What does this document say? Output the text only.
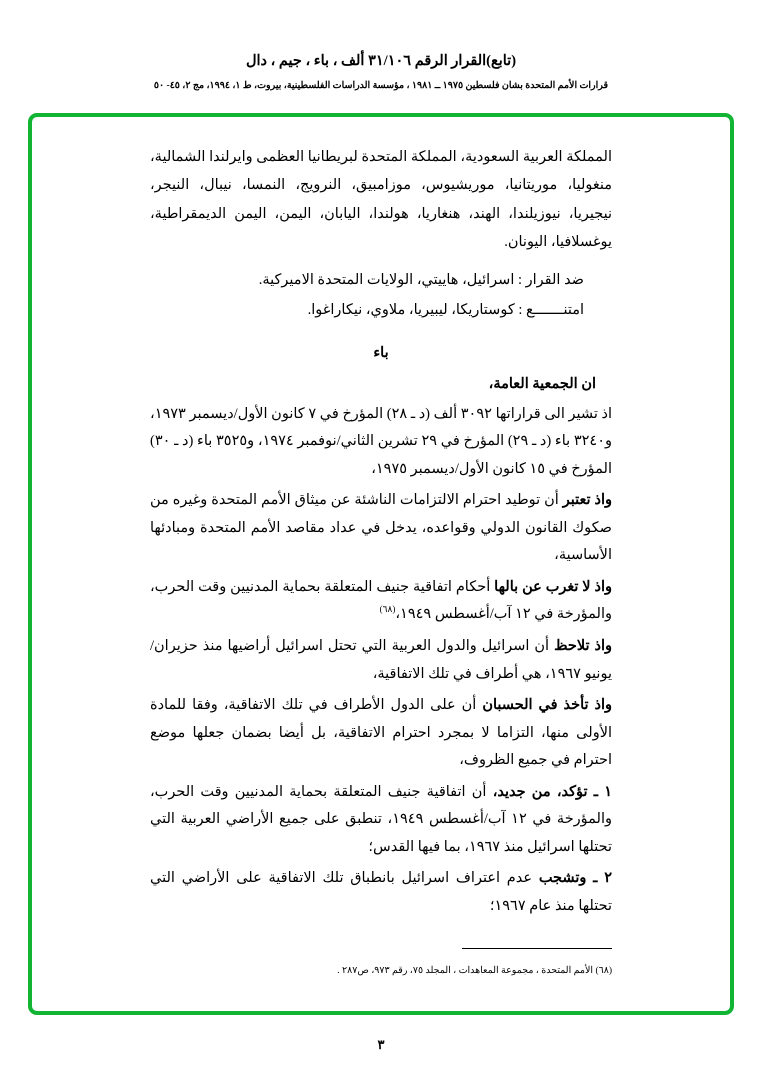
(تابع)القرار الرقم ٣١/١٠٦ ألف ، باء ، جيم ، دال

قرارات الأمم المتحدة بشان فلسطين ١٩٧٥ ــ ١٩٨١ ، مؤسسة الدراسات الفلسطينية، بيروت، ط ١، ١٩٩٤، مج ٢، ٤٥- ٥٠

المملكة العربية السعودية، المملكة المتحدة لبريطانيا العظمى وايرلندا الشمالية، منغوليا، موريتانيا، موريشيوس، موزامبيق، النرويج، النمسا، نيبال، النيجر، نيجيريا، نيوزيلندا، الهند، هنغاريا، هولندا، اليابان، اليمن، اليمن الديمقراطية، يوغسلافيا، اليونان.

ضد القرار : اسرائيل، هاييتي، الولايات المتحدة الاميركية.

امتنـــــــع : كوستاريكا، ليبيريا، ملاوي، نيكاراغوا.

باء

ان الجمعية العامة،

اذ تشير الى قراراتها ٣٠٩٢ ألف (د ـ ٢٨) المؤرخ في ٧ كانون الأول/ديسمبر ١٩٧٣، و٣٢٤٠ باء (د ـ ٢٩) المؤرخ في ٢٩ تشرين الثاني/نوفمبر ١٩٧٤، و٣٥٢٥ باء (د ـ ٣٠) المؤرخ في ١٥ كانون الأول/ديسمبر ١٩٧٥،

واذ تعتبر أن توطيد احترام الالتزامات الناشئة عن ميثاق الأمم المتحدة وغيره من صكوك القانون الدولي وقواعده، يدخل في عداد مقاصد الأمم المتحدة ومبادئها الأساسية،

واذ لا تغرب عن بالها أحكام اتفاقية جنيف المتعلقة بحماية المدنيين وقت الحرب، والمؤرخة في ١٢ آب/أغسطس ١٩٤٩،$^{(٦٨)}$

واذ تلاحظ أن اسرائيل والدول العربية التي تحتل اسرائيل أراضيها منذ حزيران/يونيو ١٩٦٧، هي أطراف في تلك الاتفاقية،

واذ تأخذ في الحسبان أن على الدول الأطراف في تلك الاتفاقية، وفقا للمادة الأولى منها، التزاما لا بمجرد احترام الاتفاقية، بل أيضا بضمان جعلها موضع احترام في جميع الظروف،

١ ـ تؤكد، من جديد، أن اتفاقية جنيف المتعلقة بحماية المدنيين وقت الحرب، والمؤرخة في ١٢ آب/أغسطس ١٩٤٩، تنطبق على جميع الأراضي العربية التي تحتلها اسرائيل منذ ١٩٦٧، بما فيها القدس؛

٢ ـ وتشجب عدم اعتراف اسرائيل بانطباق تلك الاتفاقية على الأراضي التي تحتلها منذ عام ١٩٦٧؛

(٦٨) الأمم المتحدة ، مجموعة المعاهدات ، المجلد ٧٥، رقم ٩٧٣، ص٢٨٧ .

٣
